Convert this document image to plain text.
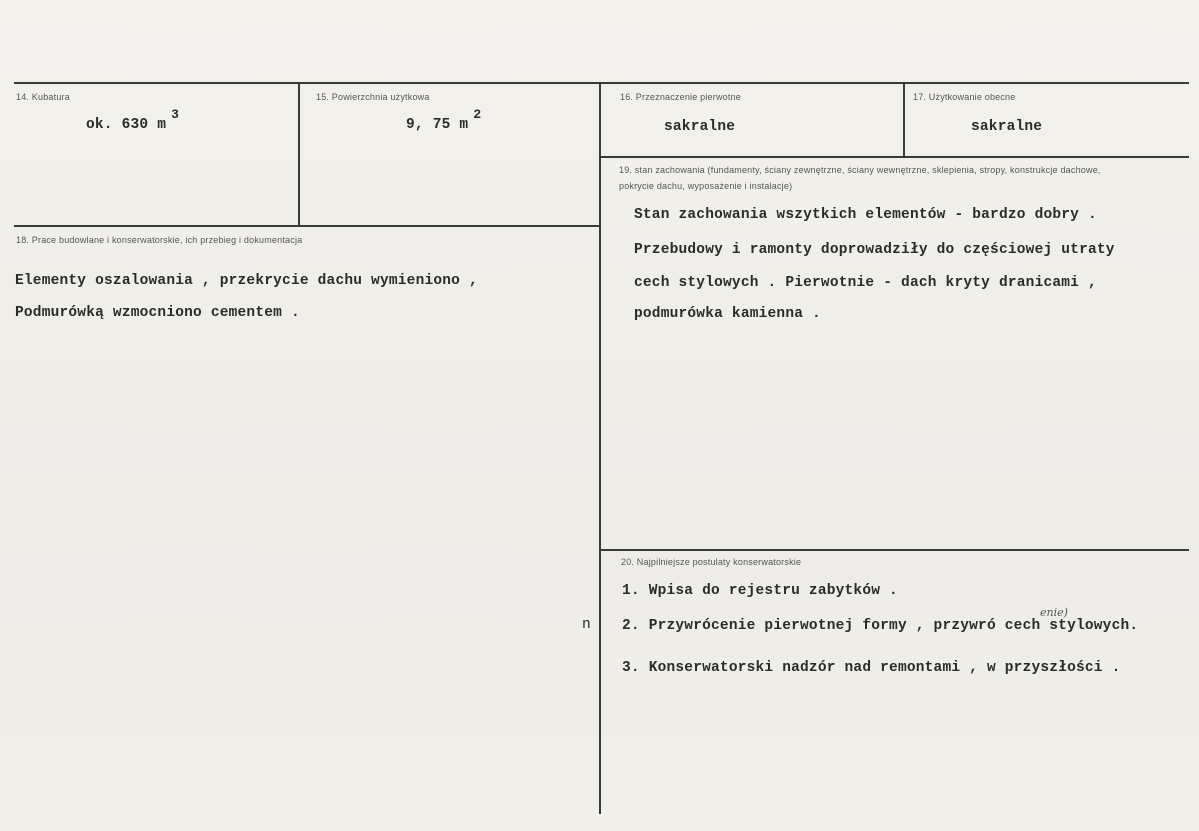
14. Kubatura
ok. 630 m3
15. Powierzchnia użytkowa
9, 75 m2
16. Przeznaczenie pierwotne
sakralne
17. Użytkowanie obecne
sakralne
18. Prace budowlane i konserwatorskie, ich przebieg i dokumentacja
Elementy oszalowania , przekrycie dachu wymieniono ,
Podmurówką wzmocniono cementem .
19. stan zachowania (fundamenty, ściany zewnętrzne, ściany wewnętrzne, sklepienia, stropy, konstrukcje dachowe, pokrycie dachu, wyposażenie i instalacje)
Stan zachowania wszytkich elementów - bardzo dobry .
Przebudowy i ramonty doprowadziły do częściowej utraty
cech stylowych . Pierwotnie - dach kryty dranicami ,
podmurówka kamienna .
20. Najpilniejsze postulaty konserwatorskie
1. Wpisa do rejestru zabytków .
enie)
2. Przywrócenie pierwotnej formy , przywró cech stylowych.
3. Konserwatorski nadzór nad remontami , w przyszłości .
n
